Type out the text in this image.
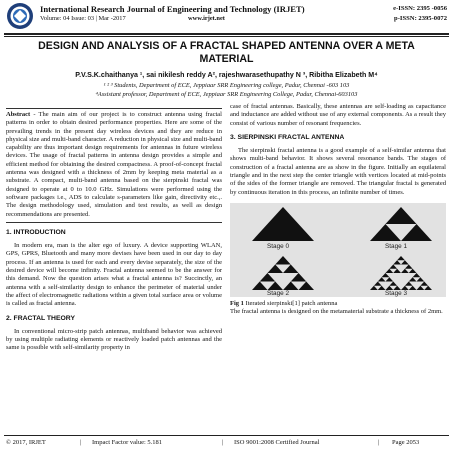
International Research Journal of Engineering and Technology (IRJET)
Volume: 04 Issue: 03 | Mar -2017	www.irjet.net
e-ISSN: 2395 -0056
p-ISSN: 2395-0072
DESIGN AND ANALYSIS OF A FRACTAL SHAPED ANTENNA OVER A META MATERIAL
P.V.S.K.chaithanya ¹, sai nikilesh reddy A², rajeshwarasethupathy N ³, Ribitha Elizabeth M⁴
¹ ² ³ Students, Department of ECE, Jeppiaar SRR Engineering college, Padur, Chennai -603 103
⁴Assistant professor, Department of ECE, Jeppiaar SRR Engineering College, Padur, Chennai-603103

Abstract - The main aim of our project is to construct antenna using fractal patterns in order to obtain desired performance properties. Here are some of the prevailing trends in the present day wireless devices and they are reduce in physical size and multi-band character. A reduction in physical size and multi-band capability are thus important design requirements for antennas in future wireless devices. The usage of fractal patterns in antenna design provides a simple and efficient method for obtaining the desired compactness. A proof-of-concept fractal antenna was designed with a thickness of 2mm by keeping meta material as a substrate. A compact, multi-band antenna based on the sierpinski fractal was designed to operate at 0 to 10.0 GHz. Simulations were performed using the software packages i.e., ADS to calculate s-parameters like gain, directivity etc.,. The design methodology used, simulation and test results, as well as design recommendations are presented.

1. INTRODUCTION

In modern era, man is the alter ego of luxury. A device supporting WLAN, GPS, GPRS, Bluetooth and many more devises have been used in our day to day process. If an antenna is used for each and every devise separately, the size of the desired device will become infinity. Fractal antenna seemed to be the answer for this demand. Now the question arises what a fractal antenna is? Succinctly, an antenna with a self-similarity design to enhance the perimeter of material under the affect of electromagnetic radiations within a given total surface area or volume is called as fractal antenna.

2. FRACTAL THEORY

In conventional micro-strip patch antennas, multiband behavior was achieved by using multiple radiating elements or reactively loaded patch antennas and the same is possible with self-similarity property in

case of fractal antennas. Basically, these antennas are self-loading as capacitance and inductance are added without use of any external components. As a result they consist of various number of resonant frequencies.

3. SIERPINSKI FRACTAL ANTENNA

The sierpinski fractal antenna is a good example of a self-similar antenna that shows multi-band behavior. It shows several resonance bands. The stages of construction of a fractal antenna are as show in the figure. Initially an equilateral triangle and in the next step the center triangle with vertices located at mid-points of the sides of the former triangle are removed. The triangular fractal is generated by continuous iteration in this process, an infinite number of times.

Stage 0	Stage 1
Stage 2	Stage 3
Fig 1 Iterated sierpinski[1] patch antenna

The fractal antenna is designed on the metamaterial substrate a thickness of 2mm.

© 2017, IRJET	| Impact Factor value: 5.181	| ISO 9001:2008 Certified Journal	| Page 2053
